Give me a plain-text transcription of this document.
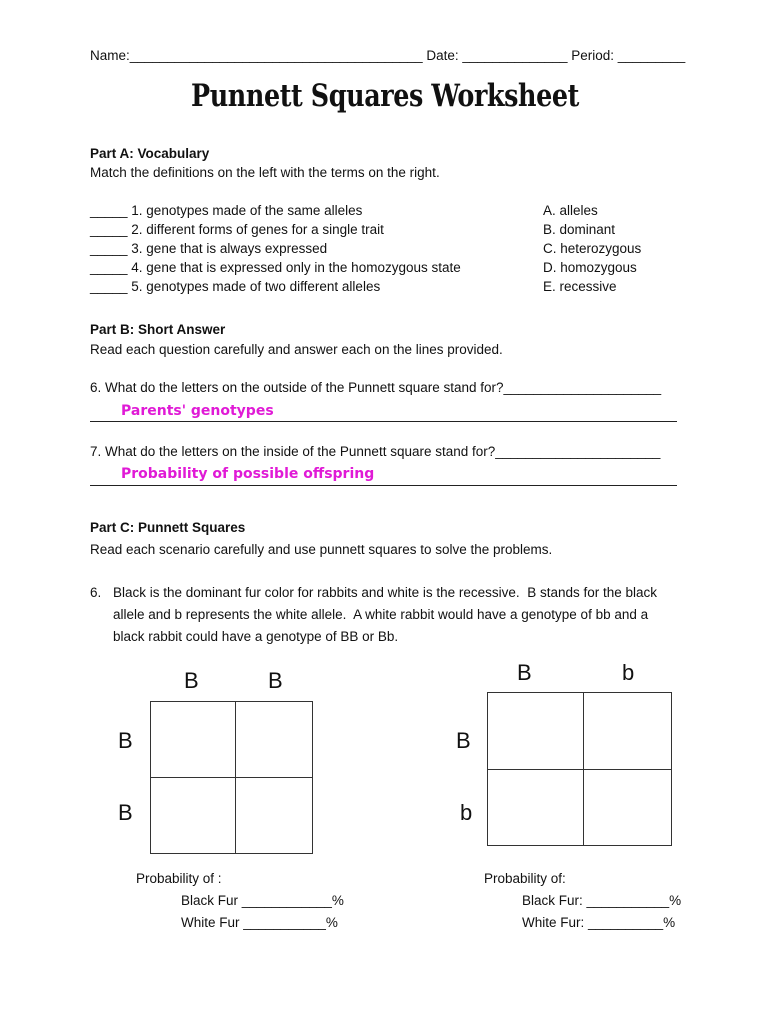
Name:_______________________________________ Date: ______________ Period: _________
Punnett Squares Worksheet
Part A: Vocabulary
Match the definitions on the left with the terms on the right.
_____ 1. genotypes made of the same alleles
_____ 2. different forms of genes for a single trait
_____ 3. gene that is always expressed
_____ 4. gene that is expressed only in the homozygous state
_____ 5. genotypes made of two different alleles
A. alleles
B. dominant
C. heterozygous
D. homozygous
E. recessive
Part B: Short Answer
Read each question carefully and answer each on the lines provided.
6. What do the letters on the outside of the Punnett square stand for?_____________________
Parents' genotypes
7. What do the letters on the inside of the Punnett square stand for?______________________
Probability of possible offspring
Part C: Punnett Squares
Read each scenario carefully and use punnett squares to solve the problems.
6. Black is the dominant fur color for rabbits and white is the recessive.  B stands for the black
allele and b represents the white allele.  A white rabbit would have a genotype of bb and a
black rabbit could have a genotype of BB or Bb.
B	B
B
B
Probability of :
Black Fur ____________%
White Fur ___________%
B	b
B
b
Probability of:
Black Fur: ___________%
White Fur: __________%
